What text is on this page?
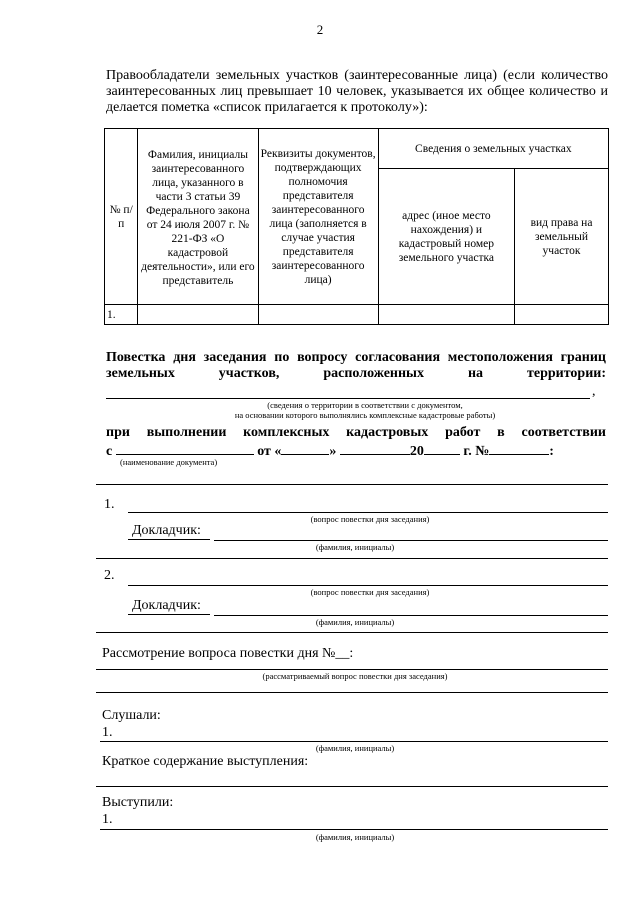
2

Правообладатели земельных участков (заинтересованные лица) (если количество заинтересованных лиц превышает 10 человек, указывается их общее количество и делается пометка «список прилагается к протоколу»):

№ п/п	Фамилия, инициалы заинтересованного лица, указанного в части 3 статьи 39 Федерального закона от 24 июля 2007 г. № 221-ФЗ «О кадастровой деятельности», или его представитель	Реквизиты документов, подтверждающих полномочия представителя заинтересованного лица (заполняется в случае участия представителя заинтересованного лица)	Сведения о земельных участках	
			адрес (иное место нахождения) и кадастровый номер земельного участка	вид права на земельный участок
1.				
Повестка дня заседания по вопросу согласования местоположения границ земельных участков, расположенных на территории:
,
(сведения о территории в соответствии с документом,
на основании которого выполнялись комплексные кадастровые работы)
при выполнении комплексных кадастровых работ в соответствии
с	от «	»	20	г. №	:
(наименование документа)
1.
(вопрос повестки дня заседания)
Докладчик:
(фамилия, инициалы)
2.
(вопрос повестки дня заседания)
Докладчик:
(фамилия, инициалы)
Рассмотрение вопроса повестки дня №__:
(рассматриваемый вопрос повестки дня заседания)
Слушали:
1.
(фамилия, инициалы)
Краткое содержание выступления:
Выступили:
1.
(фамилия, инициалы)
